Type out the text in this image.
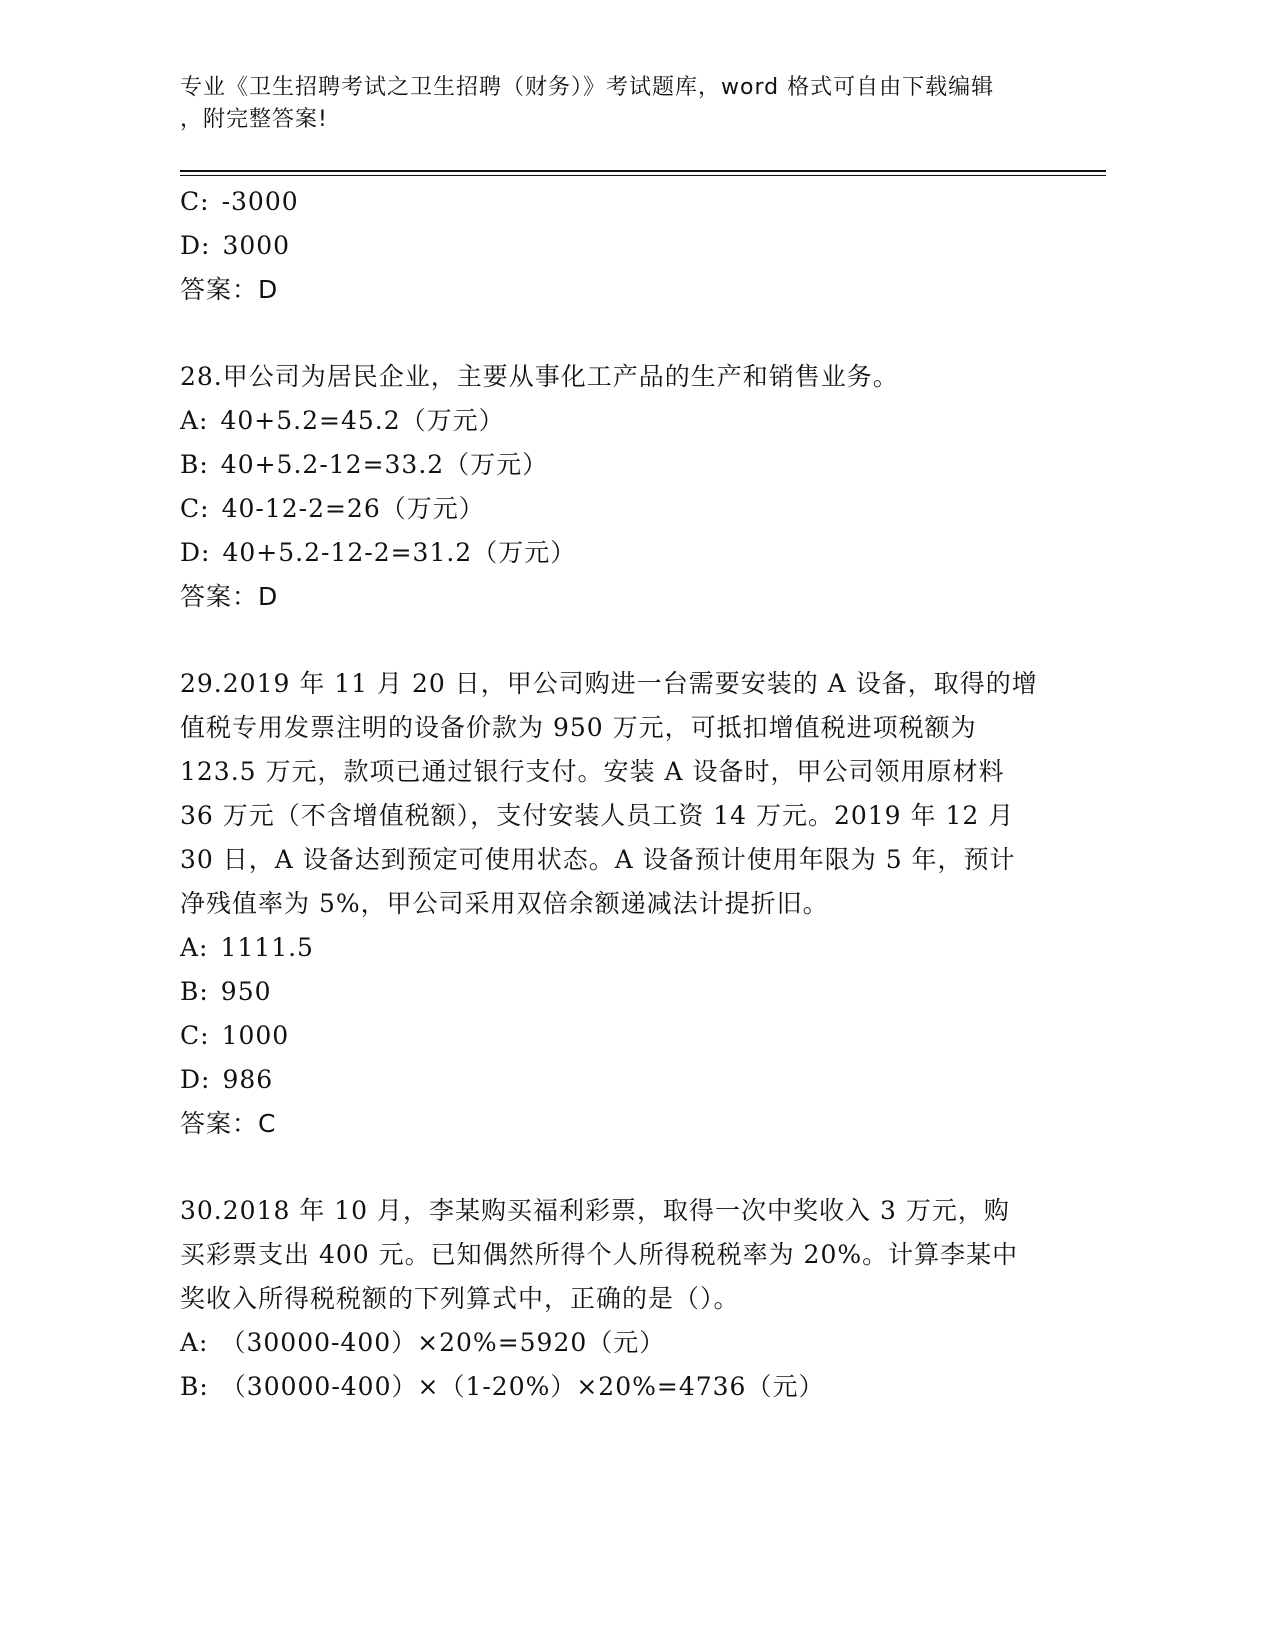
专业《卫生招聘考试之卫生招聘（财务）》考试题库，word 格式可自由下载编辑
，附完整答案!
C: -3000
D: 3000
答案：D
28.甲公司为居民企业，主要从事化工产品的生产和销售业务。
A: 40+5.2=45.2（万元）
B: 40+5.2-12=33.2（万元）
C: 40-12-2=26（万元）
D: 40+5.2-12-2=31.2（万元）
答案：D
29.2019 年 11 月 20 日，甲公司购进一台需要安装的 A 设备，取得的增
值税专用发票注明的设备价款为 950 万元，可抵扣增值税进项税额为
123.5 万元，款项已通过银行支付。安装 A 设备时，甲公司领用原材料
36 万元（不含增值税额），支付安装人员工资 14 万元。2019 年 12 月
30 日，A 设备达到预定可使用状态。A 设备预计使用年限为 5 年，预计
净残值率为 5%，甲公司采用双倍余额递减法计提折旧。
A: 1111.5
B: 950
C: 1000
D: 986
答案：C
30.2018 年 10 月，李某购买福利彩票，取得一次中奖收入 3 万元，购
买彩票支出 400 元。已知偶然所得个人所得税税率为 20%。计算李某中
奖收入所得税税额的下列算式中，正确的是（）。
A: （30000-400）×20%=5920（元）
B: （30000-400）×（1-20%）×20%=4736（元）
